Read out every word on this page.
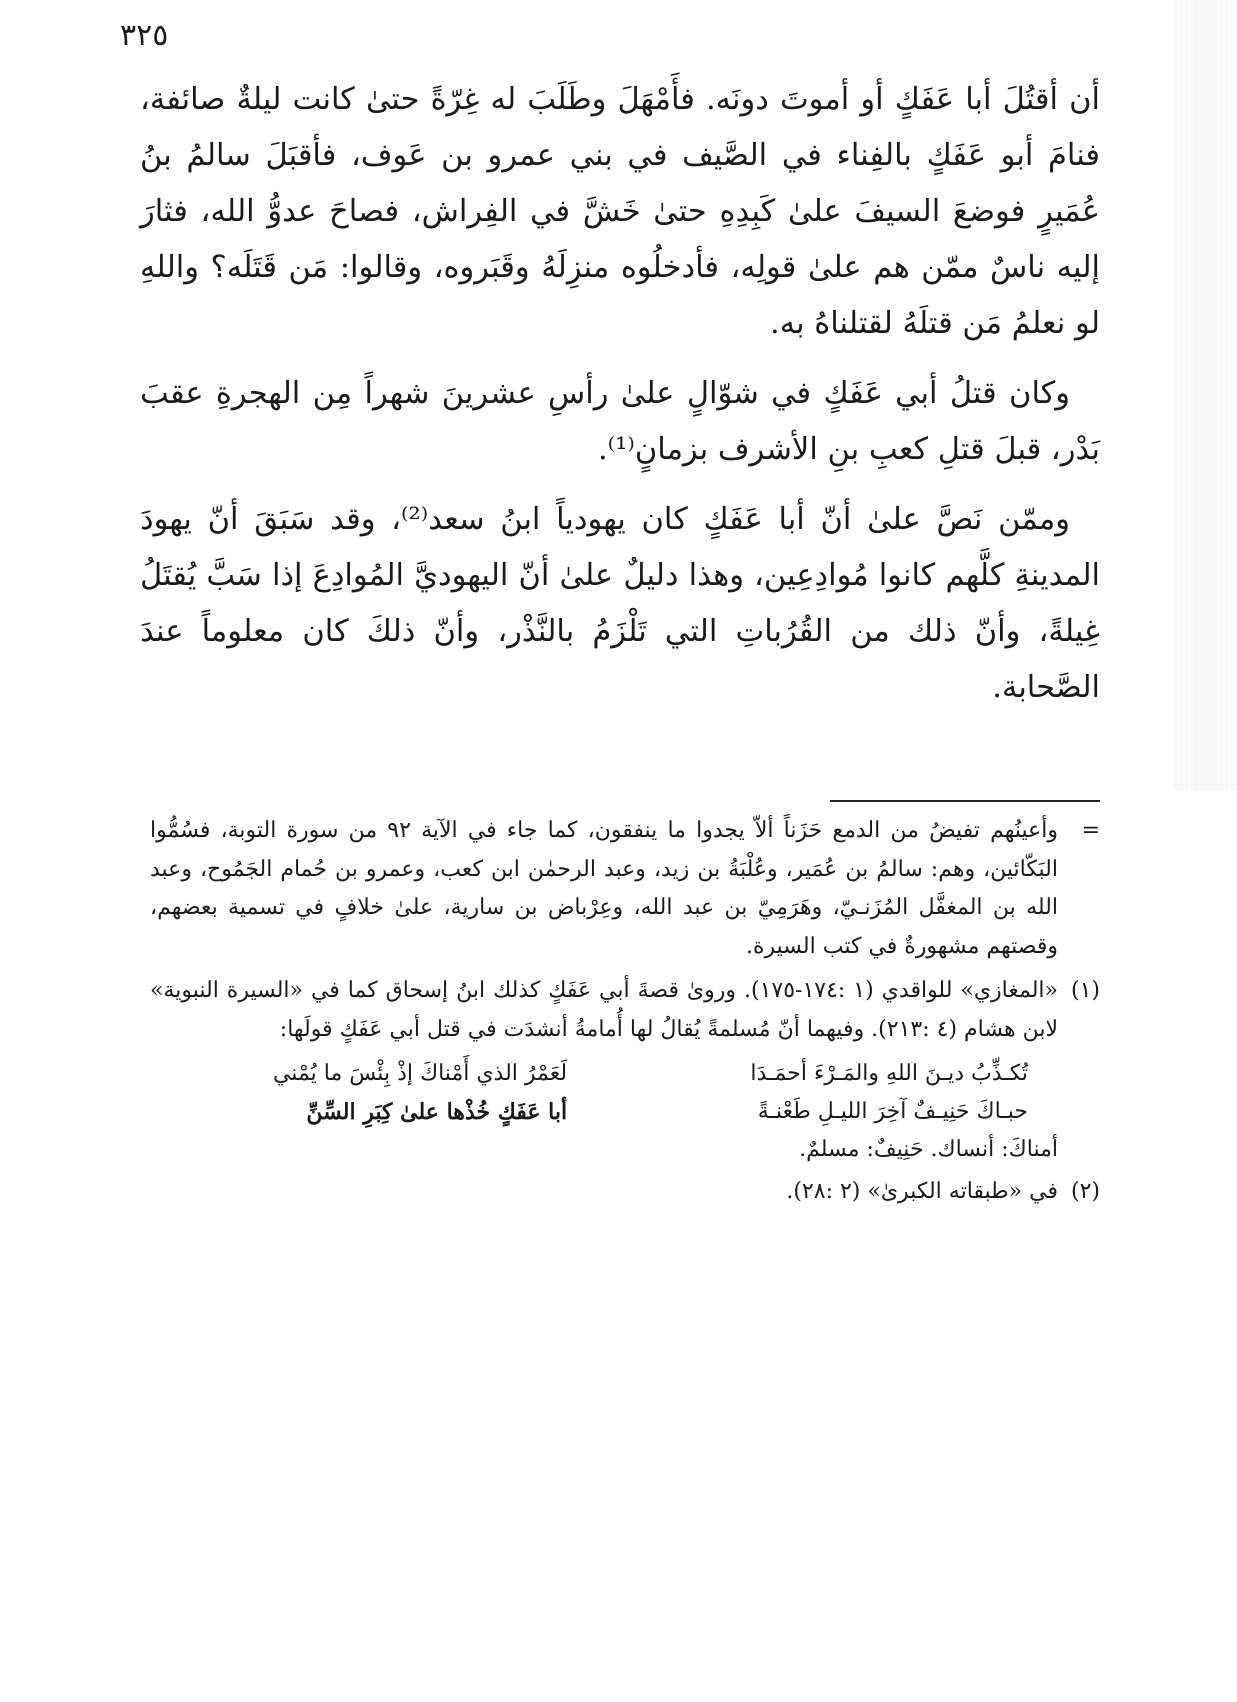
٣٢٥

أن أقتُلَ أبا عَفَكٍ أو أموتَ دونَه. فأَمْهَلَ وطَلَبَ له غِرّةً حتىٰ كانت ليلةٌ صائفة، فنامَ أبو عَفَكٍ بالفِناء في الصَّيف في بني عمرو بن عَوف، فأقبَلَ سالمُ بنُ عُمَيرٍ فوضعَ السيفَ علىٰ كَبِدِهِ حتىٰ خَشَّ في الفِراش، فصاحَ عدوُّ الله، فثارَ إليه ناسٌ ممّن هم علىٰ قولِه، فأدخلُوه منزِلَهُ وقَبَروه، وقالوا: مَن قَتَلَه؟ واللهِ لو نعلمُ مَن قتلَهُ لقتلناهُ به.

وكان قتلُ أبي عَفَكٍ في شوّالٍ علىٰ رأسِ عشرينَ شهراً مِن الهجرةِ عقبَ بَدْر، قبلَ قتلِ كعبِ بنِ الأشرف بزمانٍ⁽¹⁾.

وممّن نَصَّ علىٰ أنّ أبا عَفَكٍ كان يهودياً ابنُ سعد⁽²⁾، وقد سَبَقَ أنّ يهودَ المدينةِ كلَّهم كانوا مُوادِعِين، وهذا دليلٌ علىٰ أنّ اليهوديَّ المُوادِعَ إذا سَبَّ يُقتَلُ غِيلةً، وأنّ ذلك من القُرُباتِ التي تَلْزَمُ بالنَّذْر، وأنّ ذلكَ كان معلوماً عندَ الصَّحابة.

=
وأعينُهم تفيضُ من الدمع حَزَناً ألاّ يجدوا ما ينفقون، كما جاء في الآية ٩٢ من سورة التوبة، فسُمُّوا البَكّائين، وهم: سالمُ بن عُمَير، وعُلْبَةُ بن زيد، وعبد الرحمٰن ابن كعب، وعمرو بن حُمام الجَمُوح، وعبد الله بن المغفَّل المُزَنـيّ، وهَرَمِيّ بن عبد الله، وعِرْباض بن سارية، علىٰ خلافٍ في تسمية بعضهم، وقصتهم مشهورةٌ في كتب السيرة.

(١)
«المغازي» للواقدي (١ :١٧٤-١٧٥). وروىٰ قصةَ أبي عَفَكٍ كذلك ابنُ إسحاق كما في «السيرة النبوية» لابن هشام (٤ :٢١٣). وفيهما أنّ مُسلمةً يُقالُ لها أُمامةُ أنشدَت في قتل أبي عَفَكٍ قولَها:
تُكـذِّبُ ديـنَ اللهِ والمَـرْءَ أحمَـدَا
لَعَمْرُ الذي أَمْناكَ إذْ بِئْسَ ما يُمْني
حبـاكَ حَنِيـفٌ آخِرَ الليـلِ طَعْنـةً
أبا عَفَكٍ خُذْها علىٰ كِبَرِ السِّنِّ
أمناكَ: أنساك. حَنِيفٌ: مسلمٌ.
(٢)
في «طبقاته الكبرىٰ» (٢ :٢٨).
